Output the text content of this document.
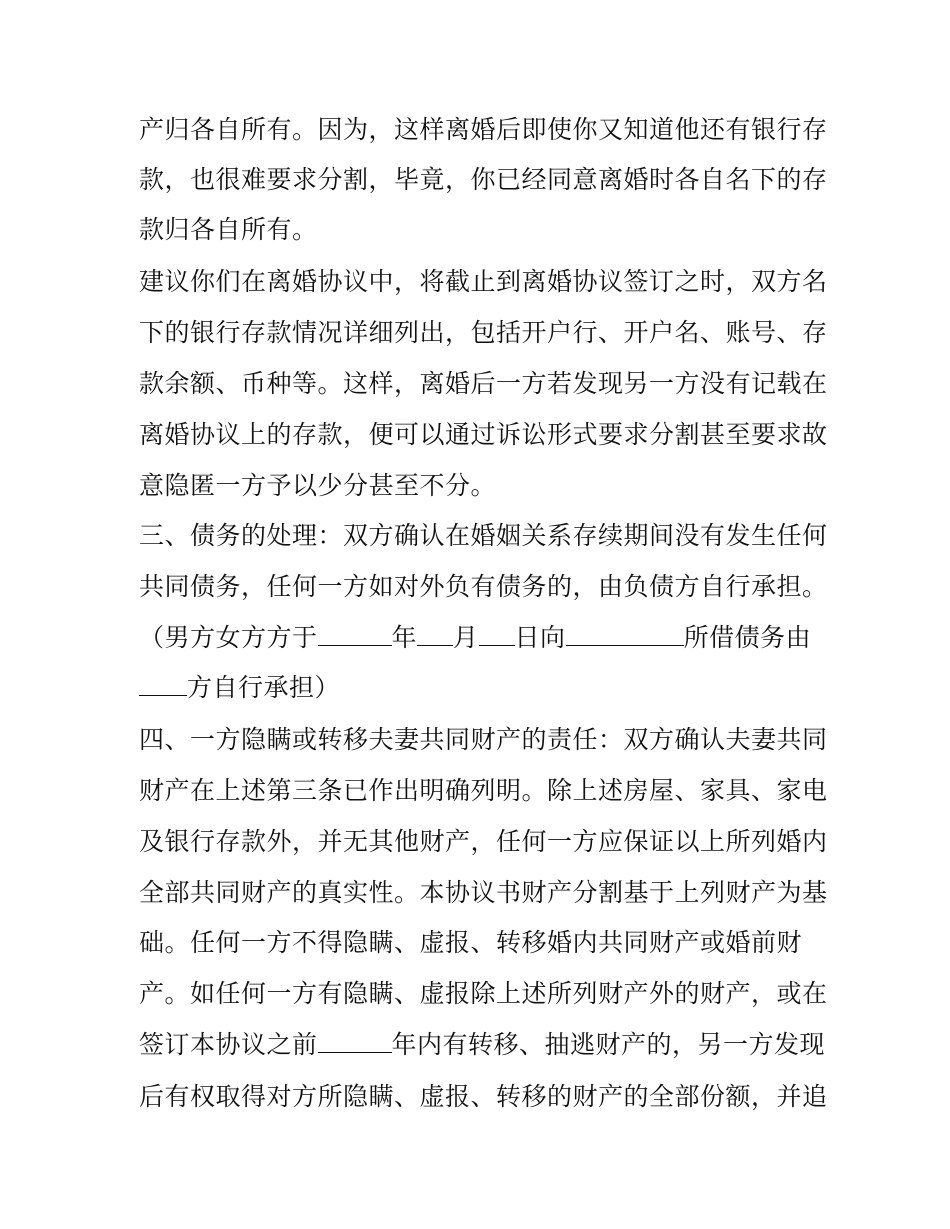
产归各自所有。因为，这样离婚后即使你又知道他还有银行存
款，也很难要求分割，毕竟，你已经同意离婚时各自名下的存
款归各自所有。
建议你们在离婚协议中，将截止到离婚协议签订之时，双方名
下的银行存款情况详细列出，包括开户行、开户名、账号、存
款余额、币种等。这样，离婚后一方若发现另一方没有记载在
离婚协议上的存款，便可以通过诉讼形式要求分割甚至要求故
意隐匿一方予以少分甚至不分。
三、债务的处理：双方确认在婚姻关系存续期间没有发生任何
共同债务，任何一方如对外负有债务的，由负债方自行承担。
（男方女方方于	年 月 日向	所借债务由
方自行承担）
四、一方隐瞒或转移夫妻共同财产的责任：双方确认夫妻共同
财产在上述第三条已作出明确列明。除上述房屋、家具、家电
及银行存款外，并无其他财产，任何一方应保证以上所列婚内
全部共同财产的真实性。本协议书财产分割基于上列财产为基
础。任何一方不得隐瞒、虚报、转移婚内共同财产或婚前财
产。如任何一方有隐瞒、虚报除上述所列财产外的财产，或在
签订本协议之前	年内有转移、抽逃财产的，另一方发现
后有权取得对方所隐瞒、虚报、转移的财产的全部份额，并追
